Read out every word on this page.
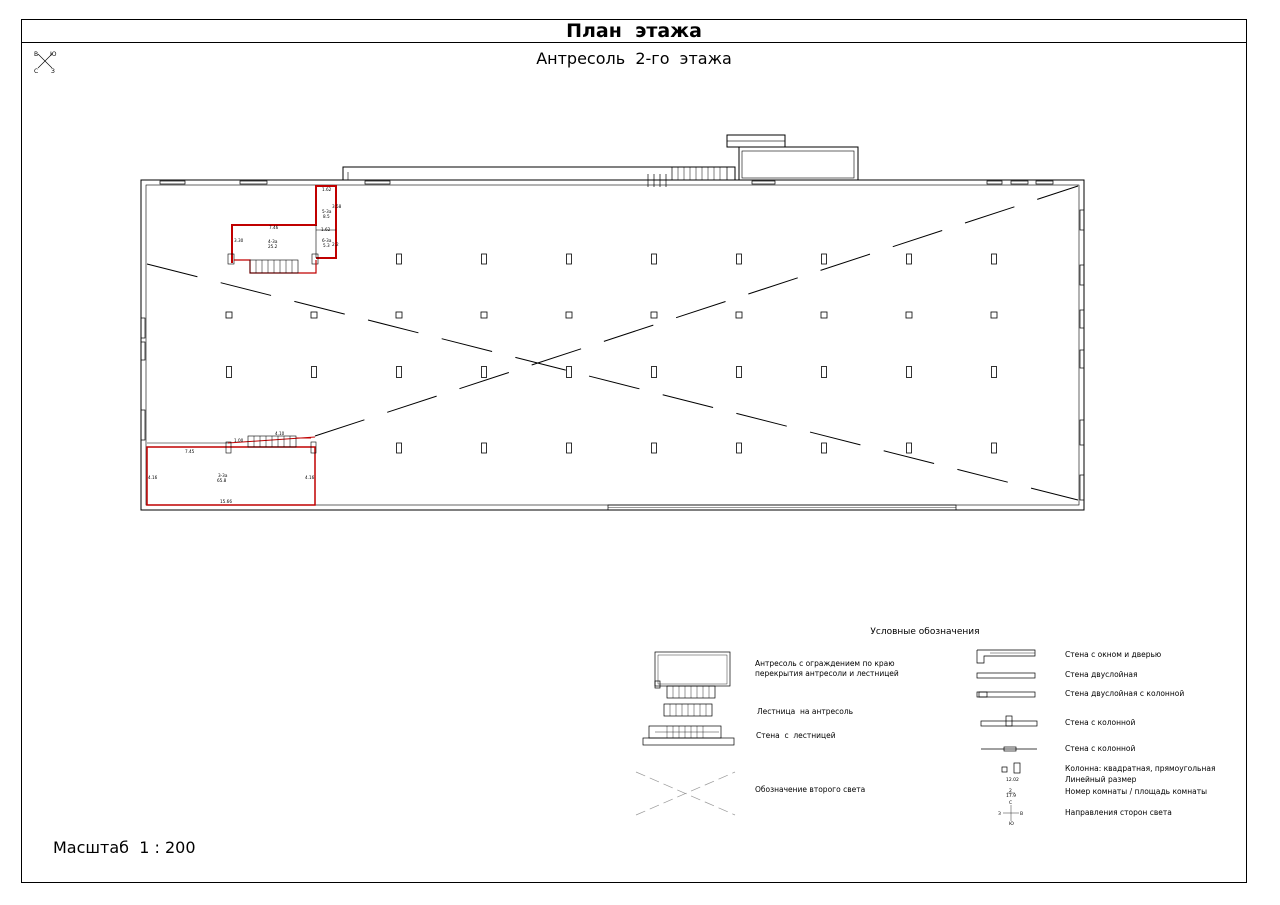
План  этажа
Антресоль  2-го  этажа
В Ю
С З
1.62
3.58
5-3a
8.5
1.62
6-3a
5.3 2.2
7.46
3.30	4-3a
25.2
4.10
1.00
7.45
3-3a
65.8
4.16	4.16
15.66
Условные обозначения
12.02
2
17.9
С
З	В
Ю
Антресоль с ограждением по краю
перекрытия антресоли и лестницей
Лестница  на антресоль
Стена  с  лестницей
Обозначение второго света
Стена с окном и дверью
Стена двуслойная
Стена двуслойная с колонной
Стена с колонной
Стена с колонной
Колонна: квадратная, прямоугольная
Линейный размер
Номер комнаты / площадь комнаты
Направления сторон света
Масштаб  1 : 200
